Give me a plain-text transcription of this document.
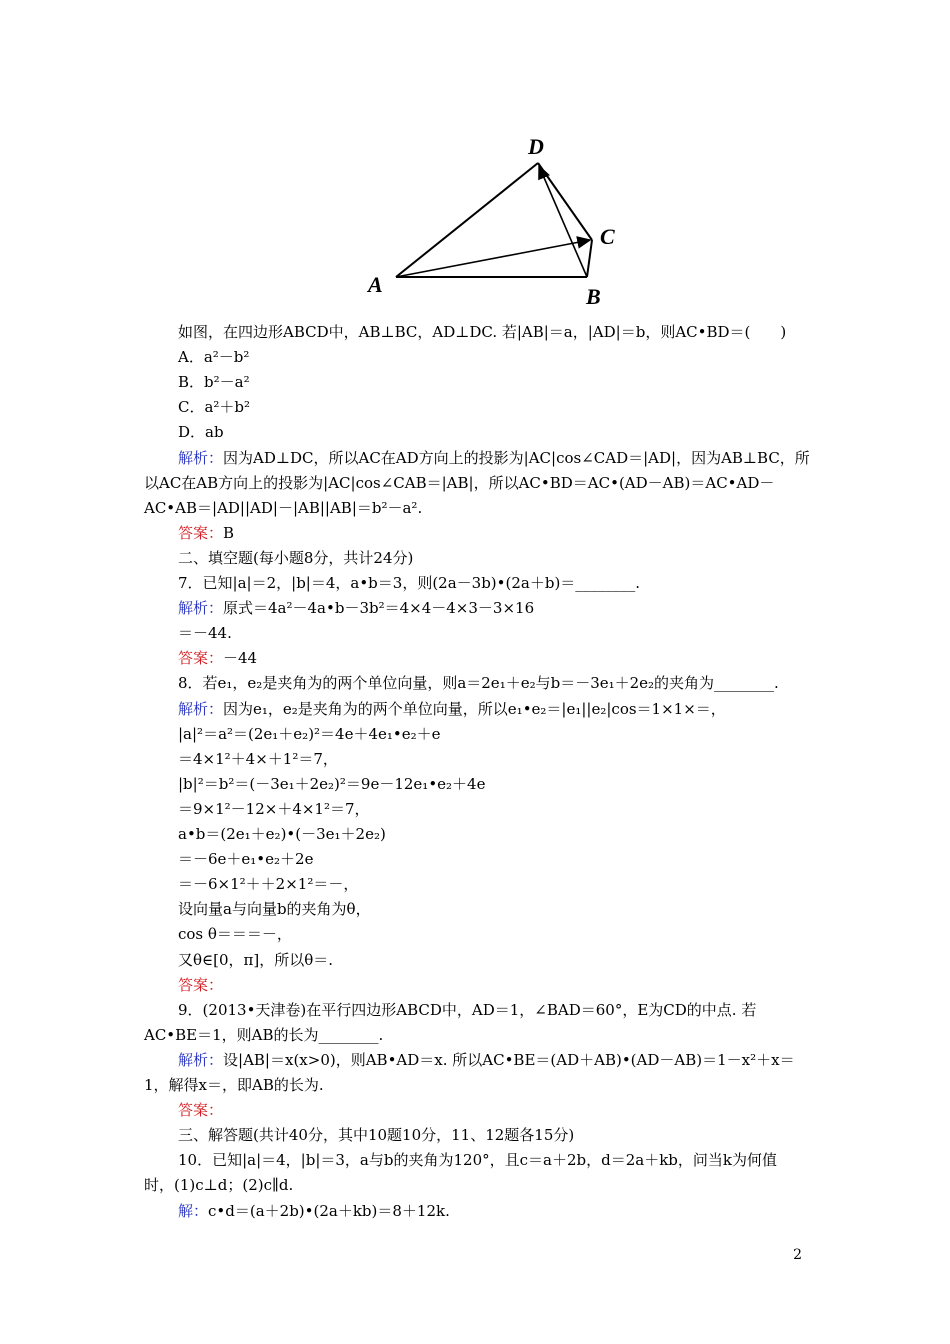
A	B
C
D
如图，在四边形ABCD中，AB⊥BC，AD⊥DC. 若|AB|＝a，|AD|＝b，则AC•BD＝(　　)
A．a²－b²
B．b²－a²
C．a²＋b²
D．ab
解析：因为AD⊥DC，所以AC在AD方向上的投影为|AC|cos∠CAD＝|AD|，因为AB⊥BC，所
以AC在AB方向上的投影为|AC|cos∠CAB＝|AB|，所以AC•BD＝AC•(AD－AB)＝AC•AD－
AC•AB＝|AD||AD|－|AB||AB|＝b²－a².
答案：B
二、填空题(每小题8分，共计24分)
7．已知|a|＝2，|b|＝4，a•b＝3，则(2a－3b)•(2a＋b)＝________.
解析：原式＝4a²－4a•b－3b²＝4×4－4×3－3×16
＝－44.
答案：－44
8．若e₁，e₂是夹角为的两个单位向量，则a＝2e₁＋e₂与b＝－3e₁＋2e₂的夹角为________.
解析：因为e₁，e₂是夹角为的两个单位向量，所以e₁•e₂＝|e₁||e₂|cos＝1×1×＝，
|a|²＝a²＝(2e₁＋e₂)²＝4e＋4e₁•e₂＋e
＝4×1²＋4×＋1²＝7，
|b|²＝b²＝(－3e₁＋2e₂)²＝9e－12e₁•e₂＋4e
＝9×1²－12×＋4×1²＝7，
a•b＝(2e₁＋e₂)•(－3e₁＋2e₂)
＝－6e＋e₁•e₂＋2e
＝－6×1²＋＋2×1²＝－，
设向量a与向量b的夹角为θ，
cos θ＝＝＝－，
又θ∈[0，π]，所以θ＝.
答案：
9．(2013•天津卷)在平行四边形ABCD中，AD＝1，∠BAD＝60°，E为CD的中点. 若
AC•BE＝1，则AB的长为________.
解析：设|AB|＝x(x>0)，则AB•AD＝x. 所以AC•BE＝(AD＋AB)•(AD－AB)＝1－x²＋x＝
1，解得x＝，即AB的长为.
答案：
三、解答题(共计40分，其中10题10分，11、12题各15分)
10．已知|a|＝4，|b|＝3，a与b的夹角为120°，且c＝a＋2b，d＝2a＋kb，问当k为何值
时，(1)c⊥d；(2)c∥d.
解：c•d＝(a＋2b)•(2a＋kb)＝8＋12k.
2
